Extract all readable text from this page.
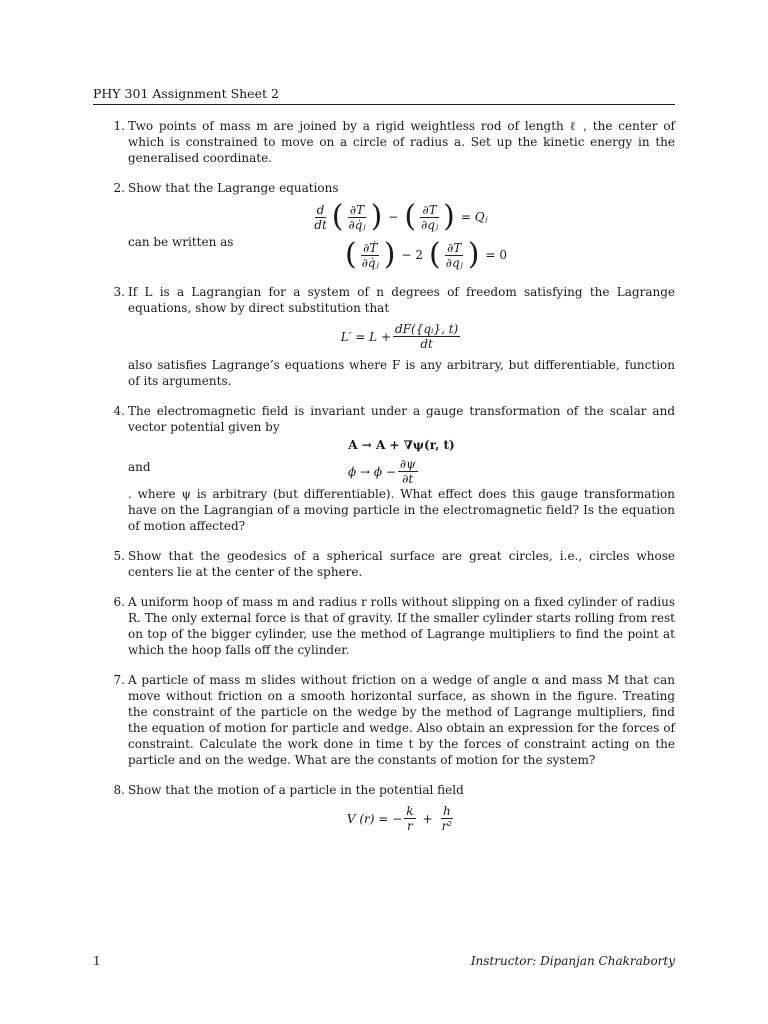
PHY 301 Assignment Sheet 2
1. Two points of mass m are joined by a rigid weightless rod of length ℓ , the center of which is constrained to move on a circle of radius a. Set up the kinetic energy in the generalised coordinate.
2. Show that the Lagrange equations
$\frac{d}{dt}$ ( $\frac{\partial T}{\text{∂q̇ⱼ}}$ ) − ( $\frac{\partial T}{\text{∂qⱼ}}$ ) = Qⱼ
can be written as	( $\frac{\text{∂Ṫ}}{\text{∂q̇ⱼ}}$ ) − 2 ( $\frac{\partial T}{\text{∂qⱼ}}$ ) = 0
3. If L is a Lagrangian for a system of n degrees of freedom satisfying the Lagrange equations, show by direct substitution that
$L' = L + \frac{\text{dF(\{qᵢ\}, t)}}{dt}$
also satisfies Lagrange’s equations where F is any arbitrary, but differentiable, function of its arguments.
4. The electromagnetic field is invariant under a gauge transformation of the scalar and vector potential given by
A → A + ∇ψ(r, t)
and	$\phi \to \phi - \frac{\partial\psi}{\partial t}$
. where ψ is arbitrary (but differentiable). What effect does this gauge transformation have on the Lagrangian of a moving particle in the electromagnetic field? Is the equation of motion affected?
5. Show that the geodesics of a spherical surface are great circles, i.e., circles whose centers lie at the center of the sphere.
6. A uniform hoop of mass m and radius r rolls without slipping on a fixed cylinder of radius R. The only external force is that of gravity. If the smaller cylinder starts rolling from rest on top of the bigger cylinder, use the method of Lagrange multipliers to find the point at which the hoop falls off the cylinder.
7. A particle of mass m slides without friction on a wedge of angle α and mass M that can move without friction on a smooth horizontal surface, as shown in the figure. Treating the constraint of the particle on the wedge by the method of Lagrange multipliers, find the equation of motion for particle and wedge. Also obtain an expression for the forces of constraint. Calculate the work done in time t by the forces of constraint acting on the particle and on the wedge. What are the constants of motion for the system?
8. Show that the motion of a particle in the potential field
V (r) = − $\frac{k}{r} + \frac{h}{\text{r²}}$
1	Instructor: Dipanjan Chakraborty
